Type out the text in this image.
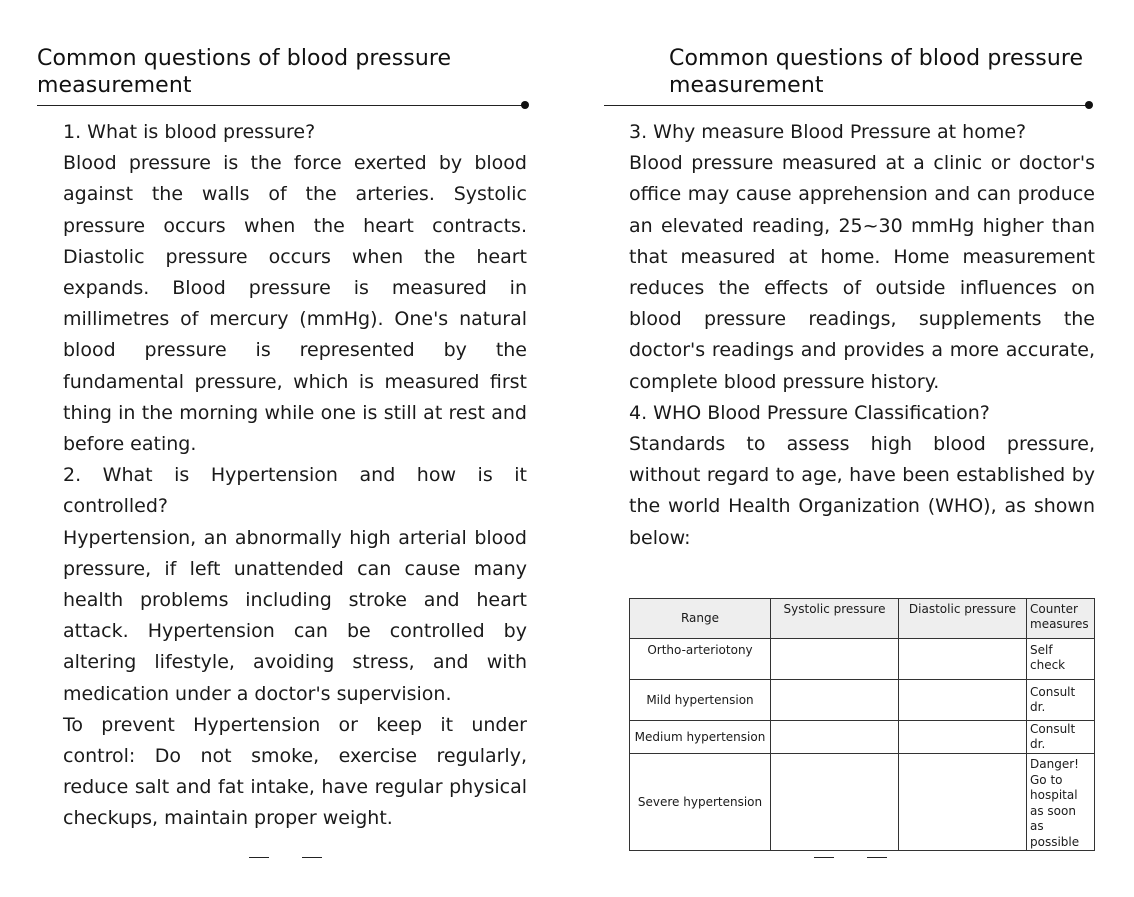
Common questions of blood pressure measurement

1. What is blood pressure?

Blood pressure is the force exerted by blood against the walls of the arteries. Systolic pressure occurs when the heart contracts. Diastolic pressure occurs when the heart expands. Blood pressure is measured in millimetres of mercury (mmHg). One's natural blood pressure is represented by the fundamental pressure, which is measured first thing in the morning while one is still at rest and before eating.

2. What is Hypertension and how is it controlled?

Hypertension, an abnormally high arterial blood pressure, if left unattended can cause many health problems including stroke and heart attack. Hypertension can be controlled by altering lifestyle, avoiding stress, and with medication under a doctor's supervision.

To prevent Hypertension or keep it under control: Do not smoke, exercise regularly, reduce salt and fat intake, have regular physical checkups, maintain proper weight.

Common questions of blood pressure measurement

3. Why measure Blood Pressure at home?

Blood pressure measured at a clinic or doctor's office may cause apprehension and can produce an elevated reading, 25~30 mmHg higher than that measured at home. Home measurement reduces the effects of outside influences on blood pressure readings, supplements the doctor's readings and provides a more accurate, complete blood pressure history.

4. WHO Blood Pressure Classification?

Standards to assess high blood pressure, without regard to age, have been established by the world Health Organization (WHO), as shown below:

Range	Systolic pressure	Diastolic pressure	Counter measures
Ortho-arteriotony			Self check
Mild hypertension			Consult dr.
Medium hypertension			Consult dr.
Severe hypertension			Danger! Go to hospital as soon as possible
